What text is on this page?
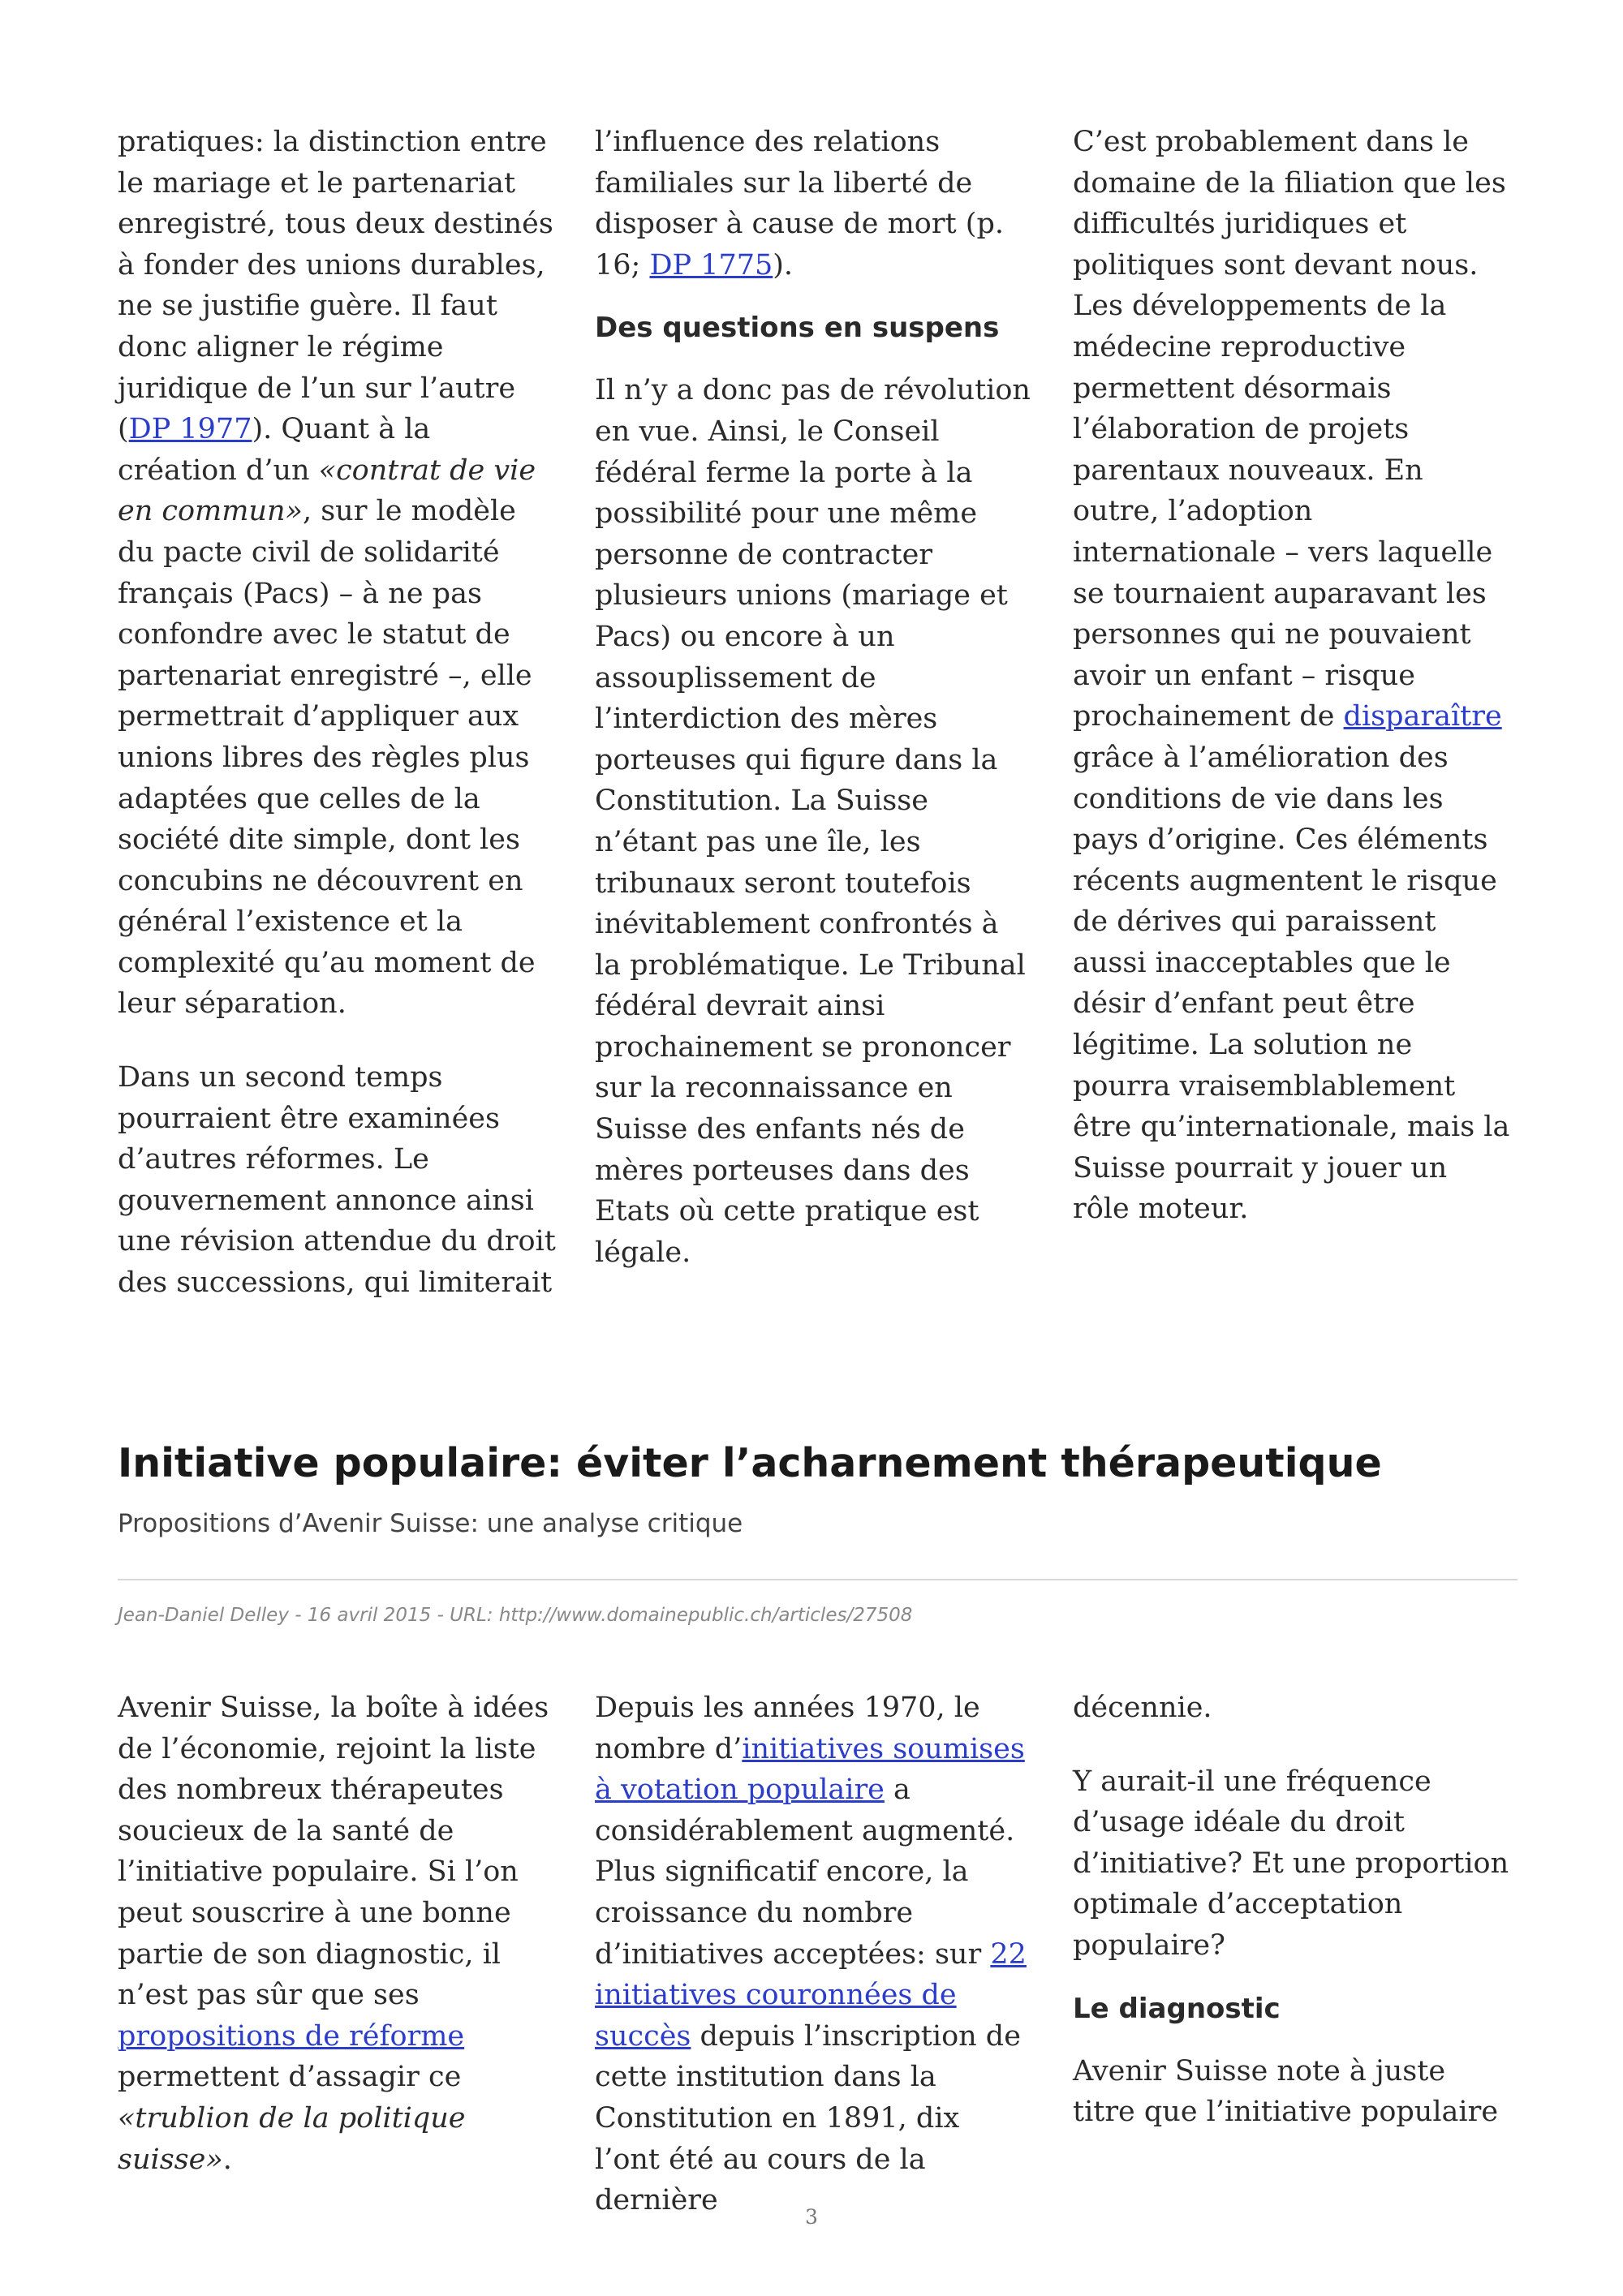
pratiques: la distinction entre le mariage et le partenariat enregistré, tous deux destinés à fonder des unions durables, ne se justifie guère. Il faut donc aligner le régime juridique de l’un sur l’autre (DP 1977). Quant à la création d’un «contrat de vie en commun», sur le modèle du pacte civil de solidarité français (Pacs) – à ne pas confondre avec le statut de partenariat enregistré –, elle permettrait d’appliquer aux unions libres des règles plus adaptées que celles de la société dite simple, dont les concubins ne découvrent en général l’existence et la complexité qu’au moment de leur séparation.

Dans un second temps pourraient être examinées d’autres réformes. Le gouvernement annonce ainsi une révision attendue du droit des successions, qui limiterait

l’influence des relations familiales sur la liberté de disposer à cause de mort (p. 16; DP 1775).

Des questions en suspens

Il n’y a donc pas de révolution en vue. Ainsi, le Conseil fédéral ferme la porte à la possibilité pour une même personne de contracter plusieurs unions (mariage et Pacs) ou encore à un assouplissement de l’interdiction des mères porteuses qui figure dans la Constitution. La Suisse n’étant pas une île, les tribunaux seront toutefois inévitablement confrontés à la problématique. Le Tribunal fédéral devrait ainsi prochainement se prononcer sur la reconnaissance en Suisse des enfants nés de mères porteuses dans des Etats où cette pratique est légale.

C’est probablement dans le domaine de la filiation que les difficultés juridiques et politiques sont devant nous. Les développements de la médecine reproductive permettent désormais l’élaboration de projets parentaux nouveaux. En outre, l’adoption internationale – vers laquelle se tournaient auparavant les personnes qui ne pouvaient avoir un enfant – risque prochainement de disparaître grâce à l’amélioration des conditions de vie dans les pays d’origine. Ces éléments récents augmentent le risque de dérives qui paraissent aussi inacceptables que le désir d’enfant peut être légitime. La solution ne pourra vraisemblablement être qu’internationale, mais la Suisse pourrait y jouer un rôle moteur.

Initiative populaire: éviter l’acharnement thérapeutique

Propositions d’Avenir Suisse: une analyse critique

Jean-Daniel Delley - 16 avril 2015 - URL: http://www.domainepublic.ch/articles/27508

Avenir Suisse, la boîte à idées de l’économie, rejoint la liste des nombreux thérapeutes soucieux de la santé de l’initiative populaire. Si l’on peut souscrire à une bonne partie de son diagnostic, il n’est pas sûr que ses propositions de réforme permettent d’assagir ce «trublion de la politique suisse».

Depuis les années 1970, le nombre d’initiatives soumises à votation populaire a considérablement augmenté. Plus significatif encore, la croissance du nombre d’initiatives acceptées: sur 22 initiatives couronnées de succès depuis l’inscription de cette institution dans la Constitution en 1891, dix l’ont été au cours de la dernière

décennie.

Y aurait-il une fréquence d’usage idéale du droit d’initiative? Et une proportion optimale d’acceptation populaire?

Le diagnostic

Avenir Suisse note à juste titre que l’initiative populaire

3
